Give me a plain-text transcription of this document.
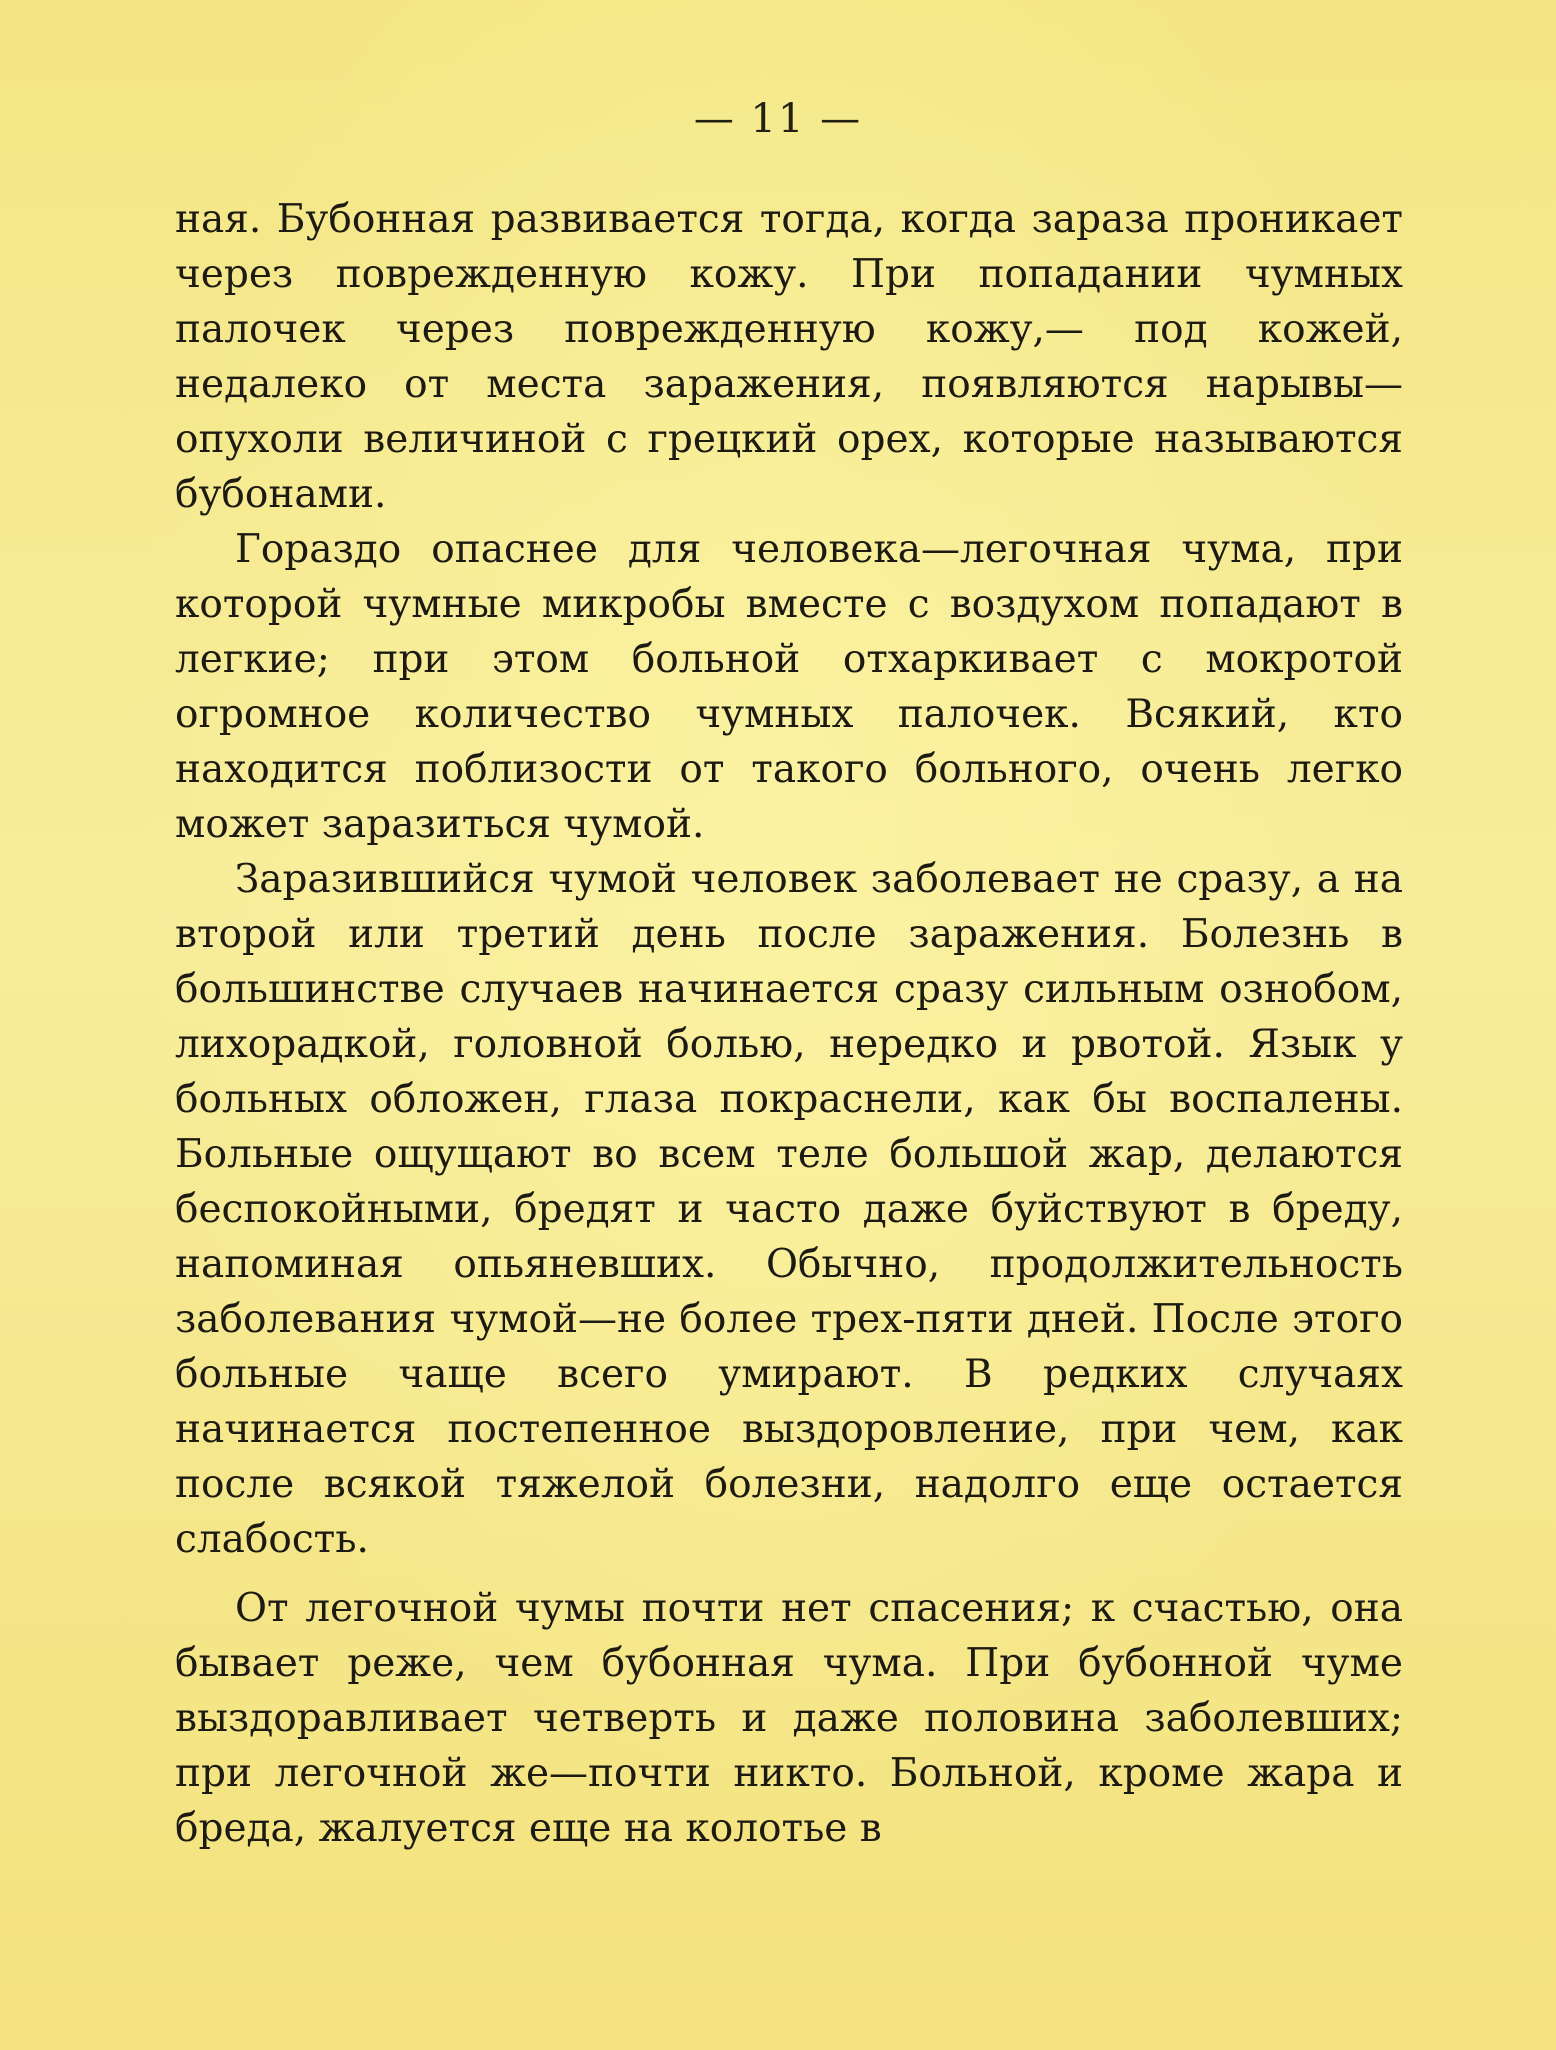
— 11 —

ная. Бубонная развивается тогда, когда зараза проникает через поврежденную кожу. При попадании чумных палочек через поврежденную кожу,— под кожей, недалеко от места заражения, появляются нарывы—опухоли величиной с грецкий орех, которые называются бубонами.

Гораздо опаснее для человека—легочная чума, при которой чумные микробы вместе с воздухом попадают в легкие; при этом больной отхаркивает с мокротой огромное количество чумных палочек. Всякий, кто находится поблизости от такого больного, очень легко может заразиться чумой.

Заразившийся чумой человек заболевает не сразу, а на второй или третий день после заражения. Болезнь в большинстве случаев начинается сразу сильным ознобом, лихорадкой, головной болью, нередко и рвотой. Язык у больных обложен, глаза покраснели, как бы воспалены. Больные ощущают во всем теле большой жар, делаются беспокойными, бредят и часто даже буйствуют в бреду, напоминая опьяневших. Обычно, продолжительность заболевания чумой—не более трех-пяти дней. После этого больные чаще всего умирают. В редких случаях начинается постепенное выздоровление, при чем, как после всякой тяжелой болезни, надолго еще остается слабость.

От легочной чумы почти нет спасения; к счастью, она бывает реже, чем бубонная чума. При бубонной чуме выздоравливает четверть и даже половина заболевших; при легочной же—почти никто. Больной, кроме жара и бреда, жалуется еще на колотье в
